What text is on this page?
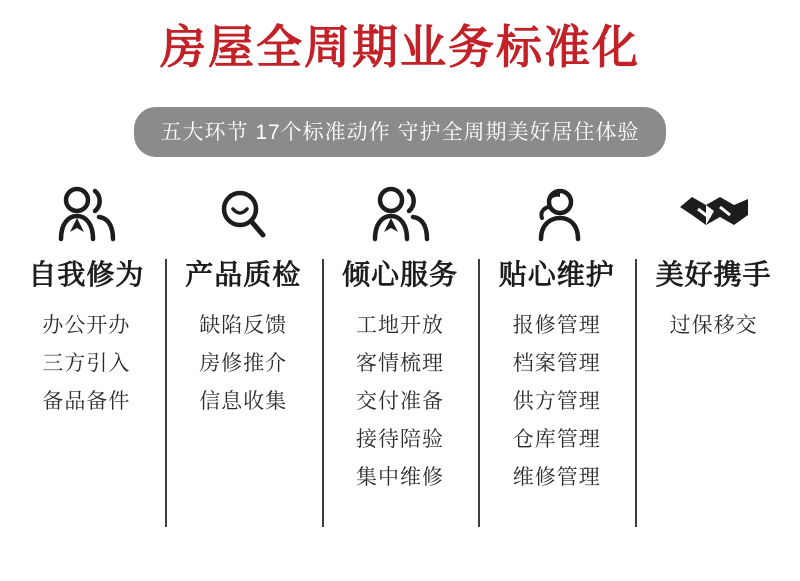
房屋全周期业务标准化
五大环节 17个标准动作 守护全周期美好居住体验
自我修为
办公开办
三方引入
备品备件
产品质检
缺陷反馈
房修推介
信息收集
倾心服务
工地开放
客情梳理
交付准备
接待陪验
集中维修
贴心维护
报修管理
档案管理
供方管理
仓库管理
维修管理
美好携手
过保移交
